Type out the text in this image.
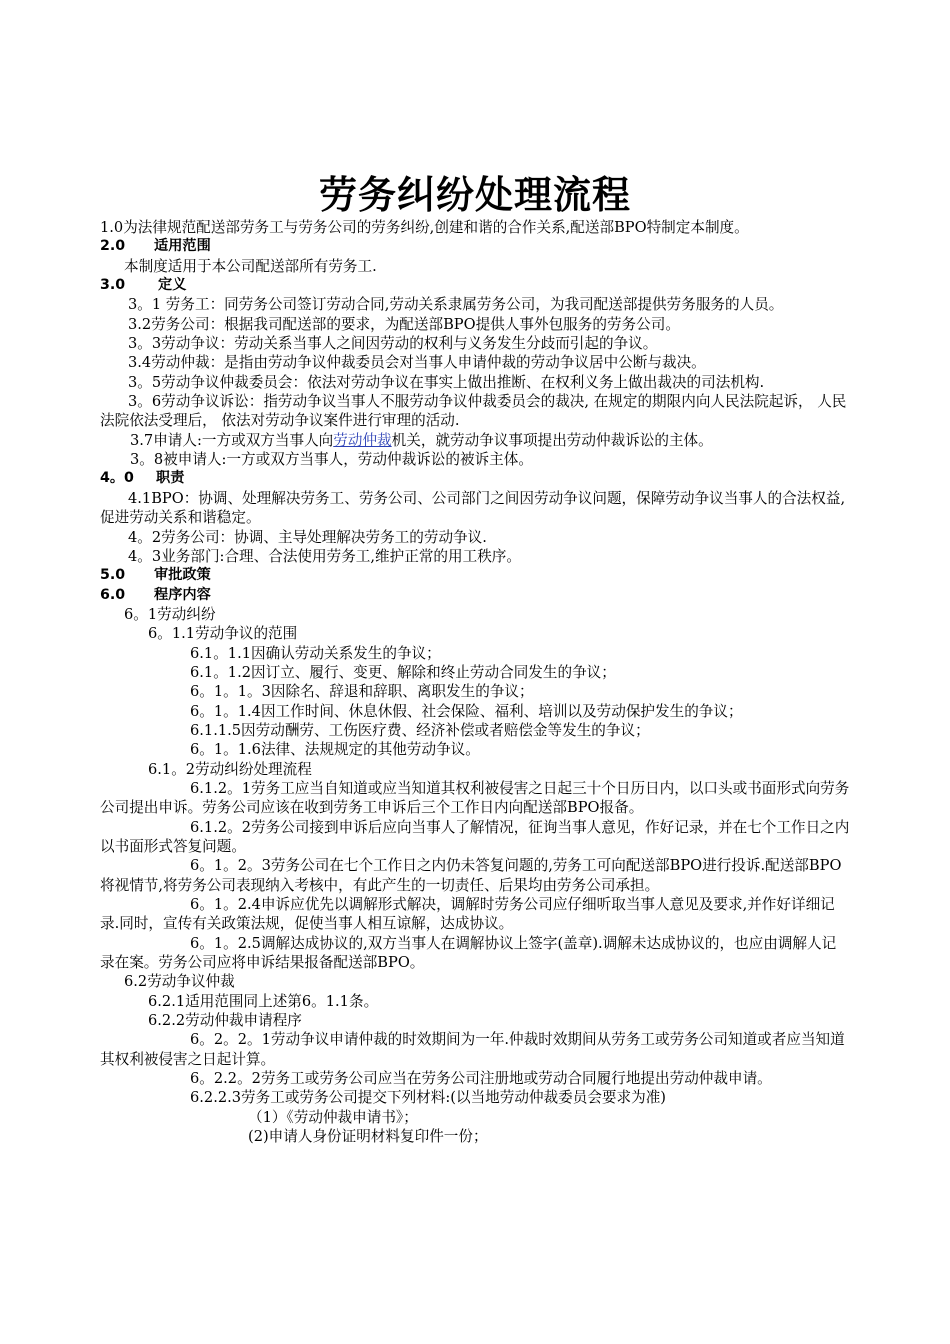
劳务纠纷处理流程

1.0为法律规范配送部劳务工与劳务公司的劳务纠纷,创建和谐的合作关系,配送部BPO特制定本制度。

2.0 适用范围

本制度适用于本公司配送部所有劳务工.

3.0 定义

3。1 劳务工：同劳务公司签订劳动合同,劳动关系隶属劳务公司，为我司配送部提供劳务服务的人员。

3.2劳务公司：根据我司配送部的要求，为配送部BPO提供人事外包服务的劳务公司。

3。3劳动争议：劳动关系当事人之间因劳动的权利与义务发生分歧而引起的争议。

3.4劳动仲裁：是指由劳动争议仲裁委员会对当事人申请仲裁的劳动争议居中公断与裁决。

3。5劳动争议仲裁委员会：依法对劳动争议在事实上做出推断、在权利义务上做出裁决的司法机构.

3。6劳动争议诉讼：指劳动争议当事人不服劳动争议仲裁委员会的裁决, 在规定的期限内向人民法院起诉， 人民法院依法受理后， 依法对劳动争议案件进行审理的活动.

3.7申请人:一方或双方当事人向劳动仲裁机关，就劳动争议事项提出劳动仲裁诉讼的主体。

3。8被申请人:一方或双方当事人，劳动仲裁诉讼的被诉主体。

4。0 职责

4.1BPO：协调、处理解决劳务工、劳务公司、公司部门之间因劳动争议问题，保障劳动争议当事人的合法权益,促进劳动关系和谐稳定。

4。2劳务公司：协调、主导处理解决劳务工的劳动争议.

4。3业务部门:合理、合法使用劳务工,维护正常的用工秩序。

5.0 审批政策

6.0 程序内容

6。1劳动纠纷

6。1.1劳动争议的范围

6.1。1.1因确认劳动关系发生的争议；

6.1。1.2因订立、履行、变更、解除和终止劳动合同发生的争议；

6。1。1。3因除名、辞退和辞职、离职发生的争议；

6。1。1.4因工作时间、休息休假、社会保险、福利、培训以及劳动保护发生的争议；

6.1.1.5因劳动酬劳、工伤医疗费、经济补偿或者赔偿金等发生的争议；

6。1。1.6法律、法规规定的其他劳动争议。

6.1。2劳动纠纷处理流程

6.1.2。1劳务工应当自知道或应当知道其权利被侵害之日起三十个日历日内，以口头或书面形式向劳务公司提出申诉。劳务公司应该在收到劳务工申诉后三个工作日内向配送部BPO报备。

6.1.2。2劳务公司接到申诉后应向当事人了解情况，征询当事人意见，作好记录，并在七个工作日之内以书面形式答复问题。

6。1。2。3劳务公司在七个工作日之内仍未答复问题的,劳务工可向配送部BPO进行投诉.配送部BPO将视情节,将劳务公司表现纳入考核中，有此产生的一切责任、后果均由劳务公司承担。

6。1。2.4申诉应优先以调解形式解决，调解时劳务公司应仔细听取当事人意见及要求,并作好详细记录.同时，宣传有关政策法规，促使当事人相互谅解，达成协议。

6。1。2.5调解达成协议的,双方当事人在调解协议上签字(盖章).调解未达成协议的，也应由调解人记录在案。劳务公司应将申诉结果报备配送部BPO。

6.2劳动争议仲裁

6.2.1适用范围同上述第6。1.1条。

6.2.2劳动仲裁申请程序

6。2。2。1劳动争议申请仲裁的时效期间为一年.仲裁时效期间从劳务工或劳务公司知道或者应当知道其权利被侵害之日起计算。

6。2.2。2劳务工或劳务公司应当在劳务公司注册地或劳动合同履行地提出劳动仲裁申请。

6.2.2.3劳务工或劳务公司提交下列材料:(以当地劳动仲裁委员会要求为准)

（1）《劳动仲裁申请书》；

(2)申请人身份证明材料复印件一份；
